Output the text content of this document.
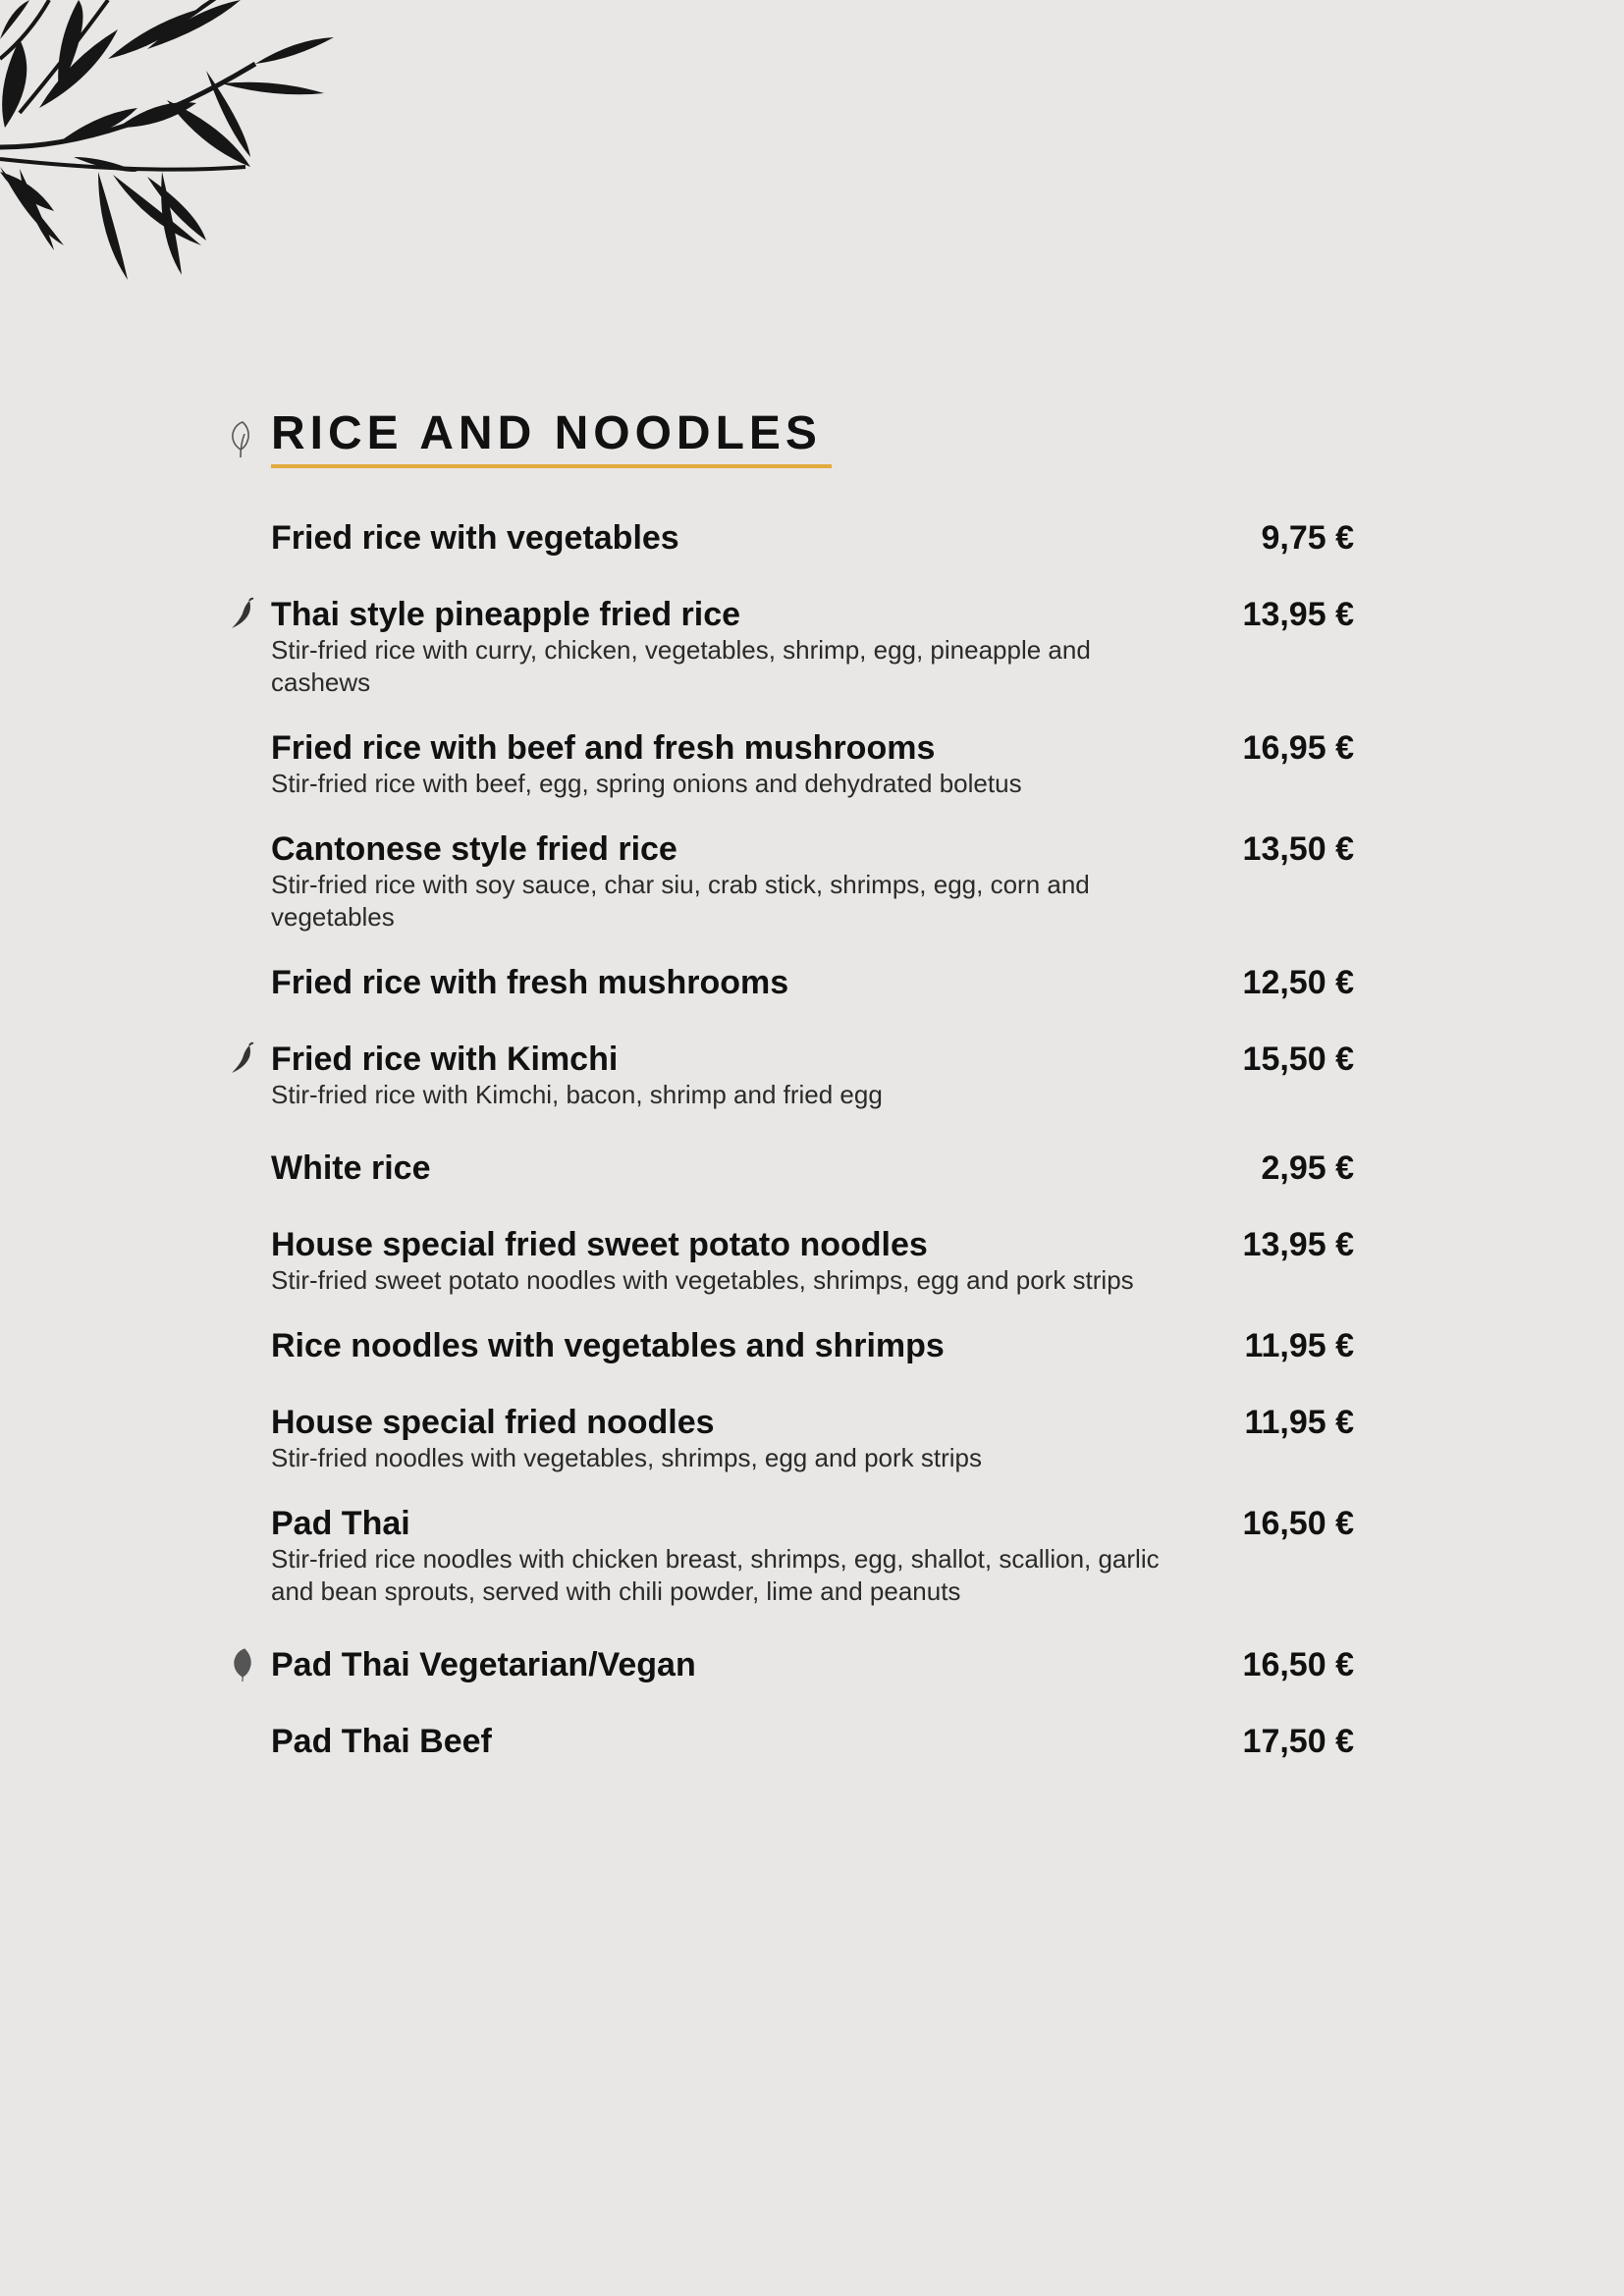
RICE AND NOODLES
Fried rice with vegetables	9,75 €
Thai style pineapple fried rice	13,95 €
Stir-fried rice with curry, chicken, vegetables, shrimp, egg, pineapple and cashews
Fried rice with beef and fresh mushrooms	16,95 €
Stir-fried rice with beef, egg, spring onions and dehydrated boletus
Cantonese style fried rice	13,50 €
Stir-fried rice with soy sauce, char siu, crab stick, shrimps, egg, corn and vegetables
Fried rice with fresh mushrooms	12,50 €
Fried rice with Kimchi	15,50 €
Stir-fried rice with Kimchi, bacon, shrimp and fried egg
White rice	2,95 €
House special fried sweet potato noodles	13,95 €
Stir-fried sweet potato noodles with vegetables, shrimps, egg and pork strips
Rice noodles with vegetables and shrimps	11,95 €
House special fried noodles	11,95 €
Stir-fried noodles with vegetables, shrimps, egg and pork strips
Pad Thai	16,50 €
Stir-fried rice noodles with chicken breast, shrimps, egg, shallot, scallion, garlic and bean sprouts, served with chili powder, lime and peanuts
Pad Thai Vegetarian/Vegan	16,50 €
Pad Thai Beef	17,50 €
